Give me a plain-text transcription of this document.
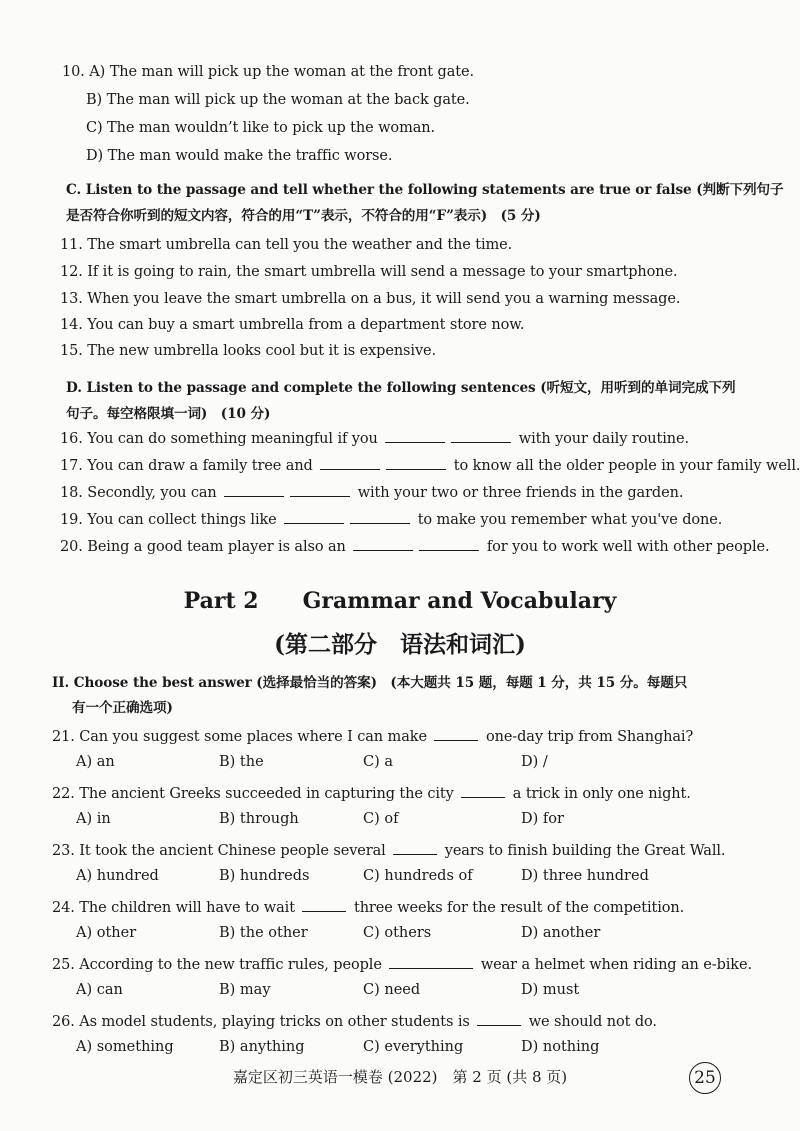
10. A) The man will pick up the woman at the front gate.
B) The man will pick up the woman at the back gate.
C) The man wouldn’t like to pick up the woman.
D) The man would make the traffic worse.
C. Listen to the passage and tell whether the following statements are true or false (判断下列句子
是否符合你听到的短文内容，符合的用“T”表示，不符合的用“F”表示)　(5 分)
11. The smart umbrella can tell you the weather and the time.
12. If it is going to rain, the smart umbrella will send a message to your smartphone.
13. When you leave the smart umbrella on a bus, it will send you a warning message.
14. You can buy a smart umbrella from a department store now.
15. The new umbrella looks cool but it is expensive.
D. Listen to the passage and complete the following sentences (听短文，用听到的单词完成下列
句子。每空格限填一词)　(10 分)
16. You can do something meaningful if you	with your daily routine.
17. You can draw a family tree and	to know all the older people in your family well.
18. Secondly, you can	with your two or three friends in the garden.
19. You can collect things like	to make you remember what you've done.
20. Being a good team player is also an	for you to work well with other people.
Part 2　　Grammar and Vocabulary
(第二部分　语法和词汇)
II. Choose the best answer (选择最恰当的答案)　(本大题共 15 题，每题 1 分，共 15 分。每题只
有一个正确选项)
21. Can you suggest some places where I can make	one-day trip from Shanghai?
A) an	B) the	C) a	D) /
22. The ancient Greeks succeeded in capturing the city	a trick in only one night.
A) in	B) through	C) of	D) for
23. It took the ancient Chinese people several	years to finish building the Great Wall.
A) hundred	B) hundreds	C) hundreds of	D) three hundred
24. The children will have to wait	three weeks for the result of the competition.
A) other	B) the other	C) others	D) another
25. According to the new traffic rules, people	wear a helmet when riding an e-bike.
A) can	B) may	C) need	D) must
26. As model students, playing tricks on other students is	we should not do.
A) something	B) anything	C) everything	D) nothing
嘉定区初三英语一模卷 (2022)　第 2 页 (共 8 页)	25
